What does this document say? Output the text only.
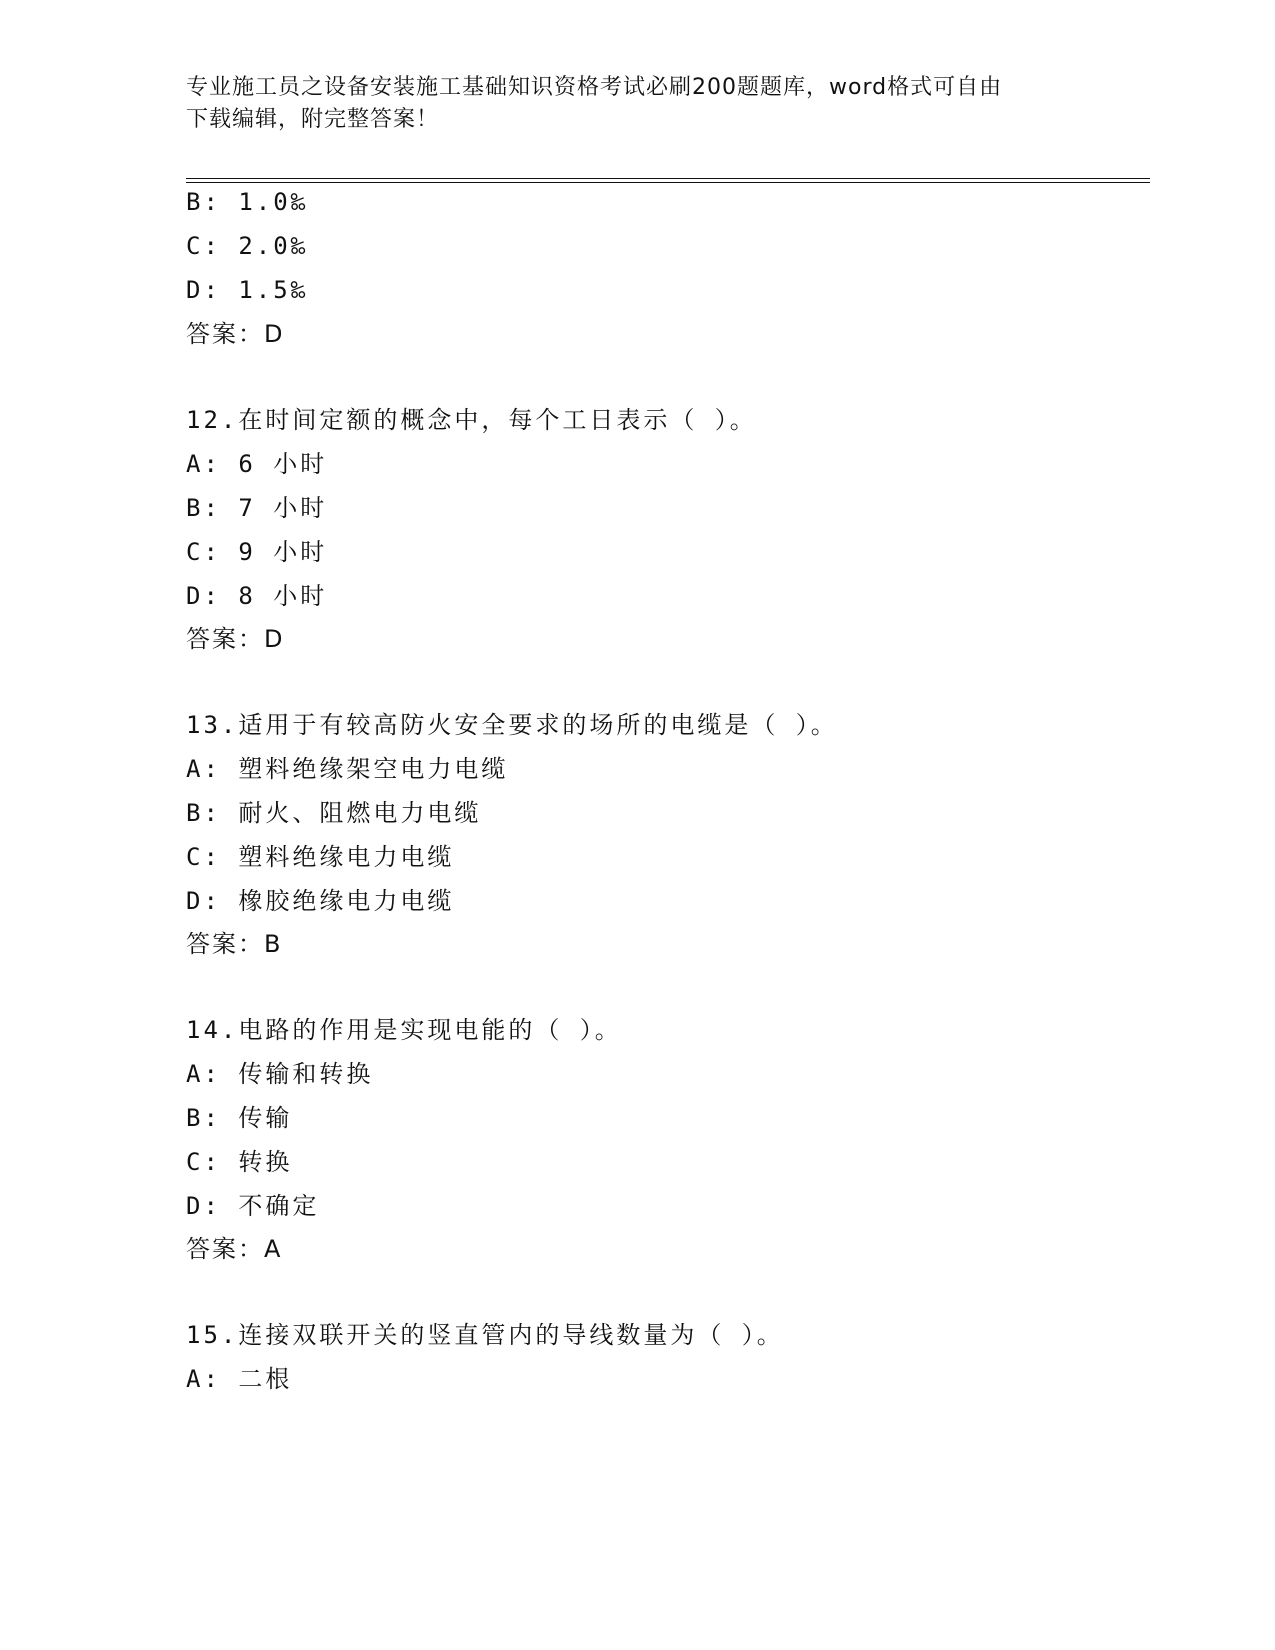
专业施工员之设备安装施工基础知识资格考试必刷200题题库，word格式可自由
下载编辑，附完整答案！
B: 1.0‰
C: 2.0‰
D: 1.5‰
答案：D
12.在时间定额的概念中，每个工日表示（ ）。
A: 6 小时
B: 7 小时
C: 9 小时
D: 8 小时
答案：D
13.适用于有较高防火安全要求的场所的电缆是（ ）。
A: 塑料绝缘架空电力电缆
B: 耐火、阻燃电力电缆
C: 塑料绝缘电力电缆
D: 橡胶绝缘电力电缆
答案：B
14.电路的作用是实现电能的（ ）。
A: 传输和转换
B: 传输
C: 转换
D: 不确定
答案：A
15.连接双联开关的竖直管内的导线数量为（ ）。
A: 二根
